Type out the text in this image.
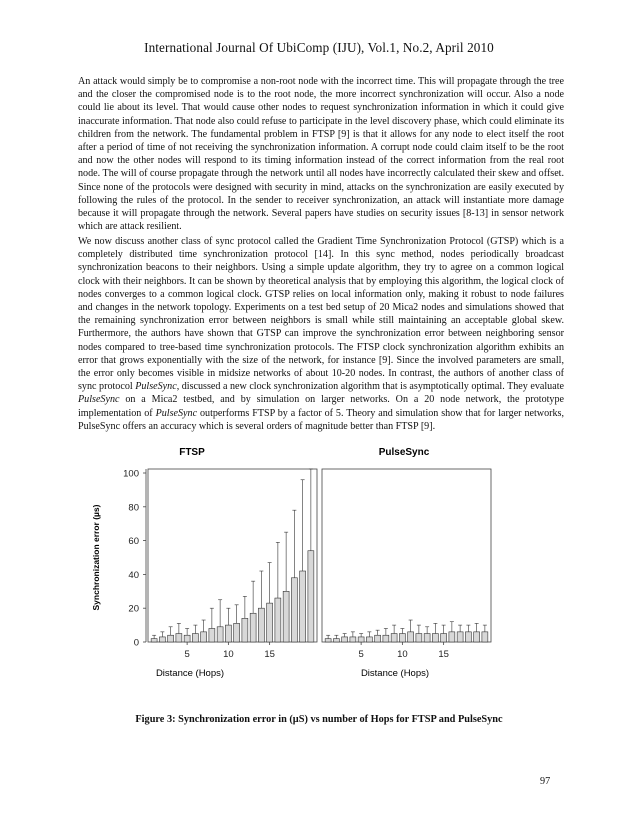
International Journal Of UbiComp (IJU), Vol.1, No.2, April 2010

An attack would simply be to compromise a non-root node with the incorrect time. This will propagate through the tree and the closer the compromised node is to the root node, the more incorrect synchronization will occur. Also a node could lie about its level. That would cause other nodes to request synchronization information in which it could give inaccurate information. That node also could refuse to participate in the level discovery phase, which could eliminate its children from the network. The fundamental problem in FTSP [9] is that it allows for any node to elect itself the root after a period of time of not receiving the synchronization information. A corrupt node could claim itself to be the root and now the other nodes will respond to its timing information instead of the correct information from the real root node. The will of course propagate through the network until all nodes have incorrectly calculated their skew and offset. Since none of the protocols were designed with security in mind, attacks on the synchronization are easily executed by following the rules of the protocol. In the sender to receiver synchronization, an attack will instantiate more damage because it will propagate through the network. Several papers have studies on security issues [8-13] in sensor network which are attack resilient.

We now discuss another class of sync protocol called the Gradient Time Synchronization Protocol (GTSP) which is a completely distributed time synchronization protocol [14]. In this sync method, nodes periodically broadcast synchronization beacons to their neighbors. Using a simple update algorithm, they try to agree on a common logical clock with their neighbors. It can be shown by theoretical analysis that by employing this algorithm, the logical clock of nodes converges to a common logical clock. GTSP relies on local information only, making it robust to node failures and changes in the network topology. Experiments on a test bed setup of 20 Mica2 nodes and simulations showed that the remaining synchronization error between neighbors is small while still maintaining an acceptable global skew. Furthermore, the authors have shown that GTSP can improve the synchronization error between neighboring sensor nodes compared to tree-based time synchronization protocols. The FTSP clock synchronization algorithm exhibits an error that grows exponentially with the size of the network, for instance [9]. Since the involved parameters are small, the error only becomes visible in midsize networks of about 10-20 nodes. In contrast, the authors of another class of sync protocol PulseSync, discussed a new clock synchronization algorithm that is asymptotically optimal. They evaluate PulseSync on a Mica2 testbed, and by simulation on larger networks. On a 20 node network, the prototype implementation of PulseSync outperforms FTSP by a factor of 5. Theory and simulation show that for larger networks, PulseSync offers an accuracy which is several orders of magnitude better than FTSP [9].

Synchronization error (µs)
0
20
40
60
80
100
FTSP
5	10	15
Distance (Hops)
PulseSync
5	10	15
Distance (Hops)
Figure 3: Synchronization error in (µS) vs number of Hops for FTSP and PulseSync
97
